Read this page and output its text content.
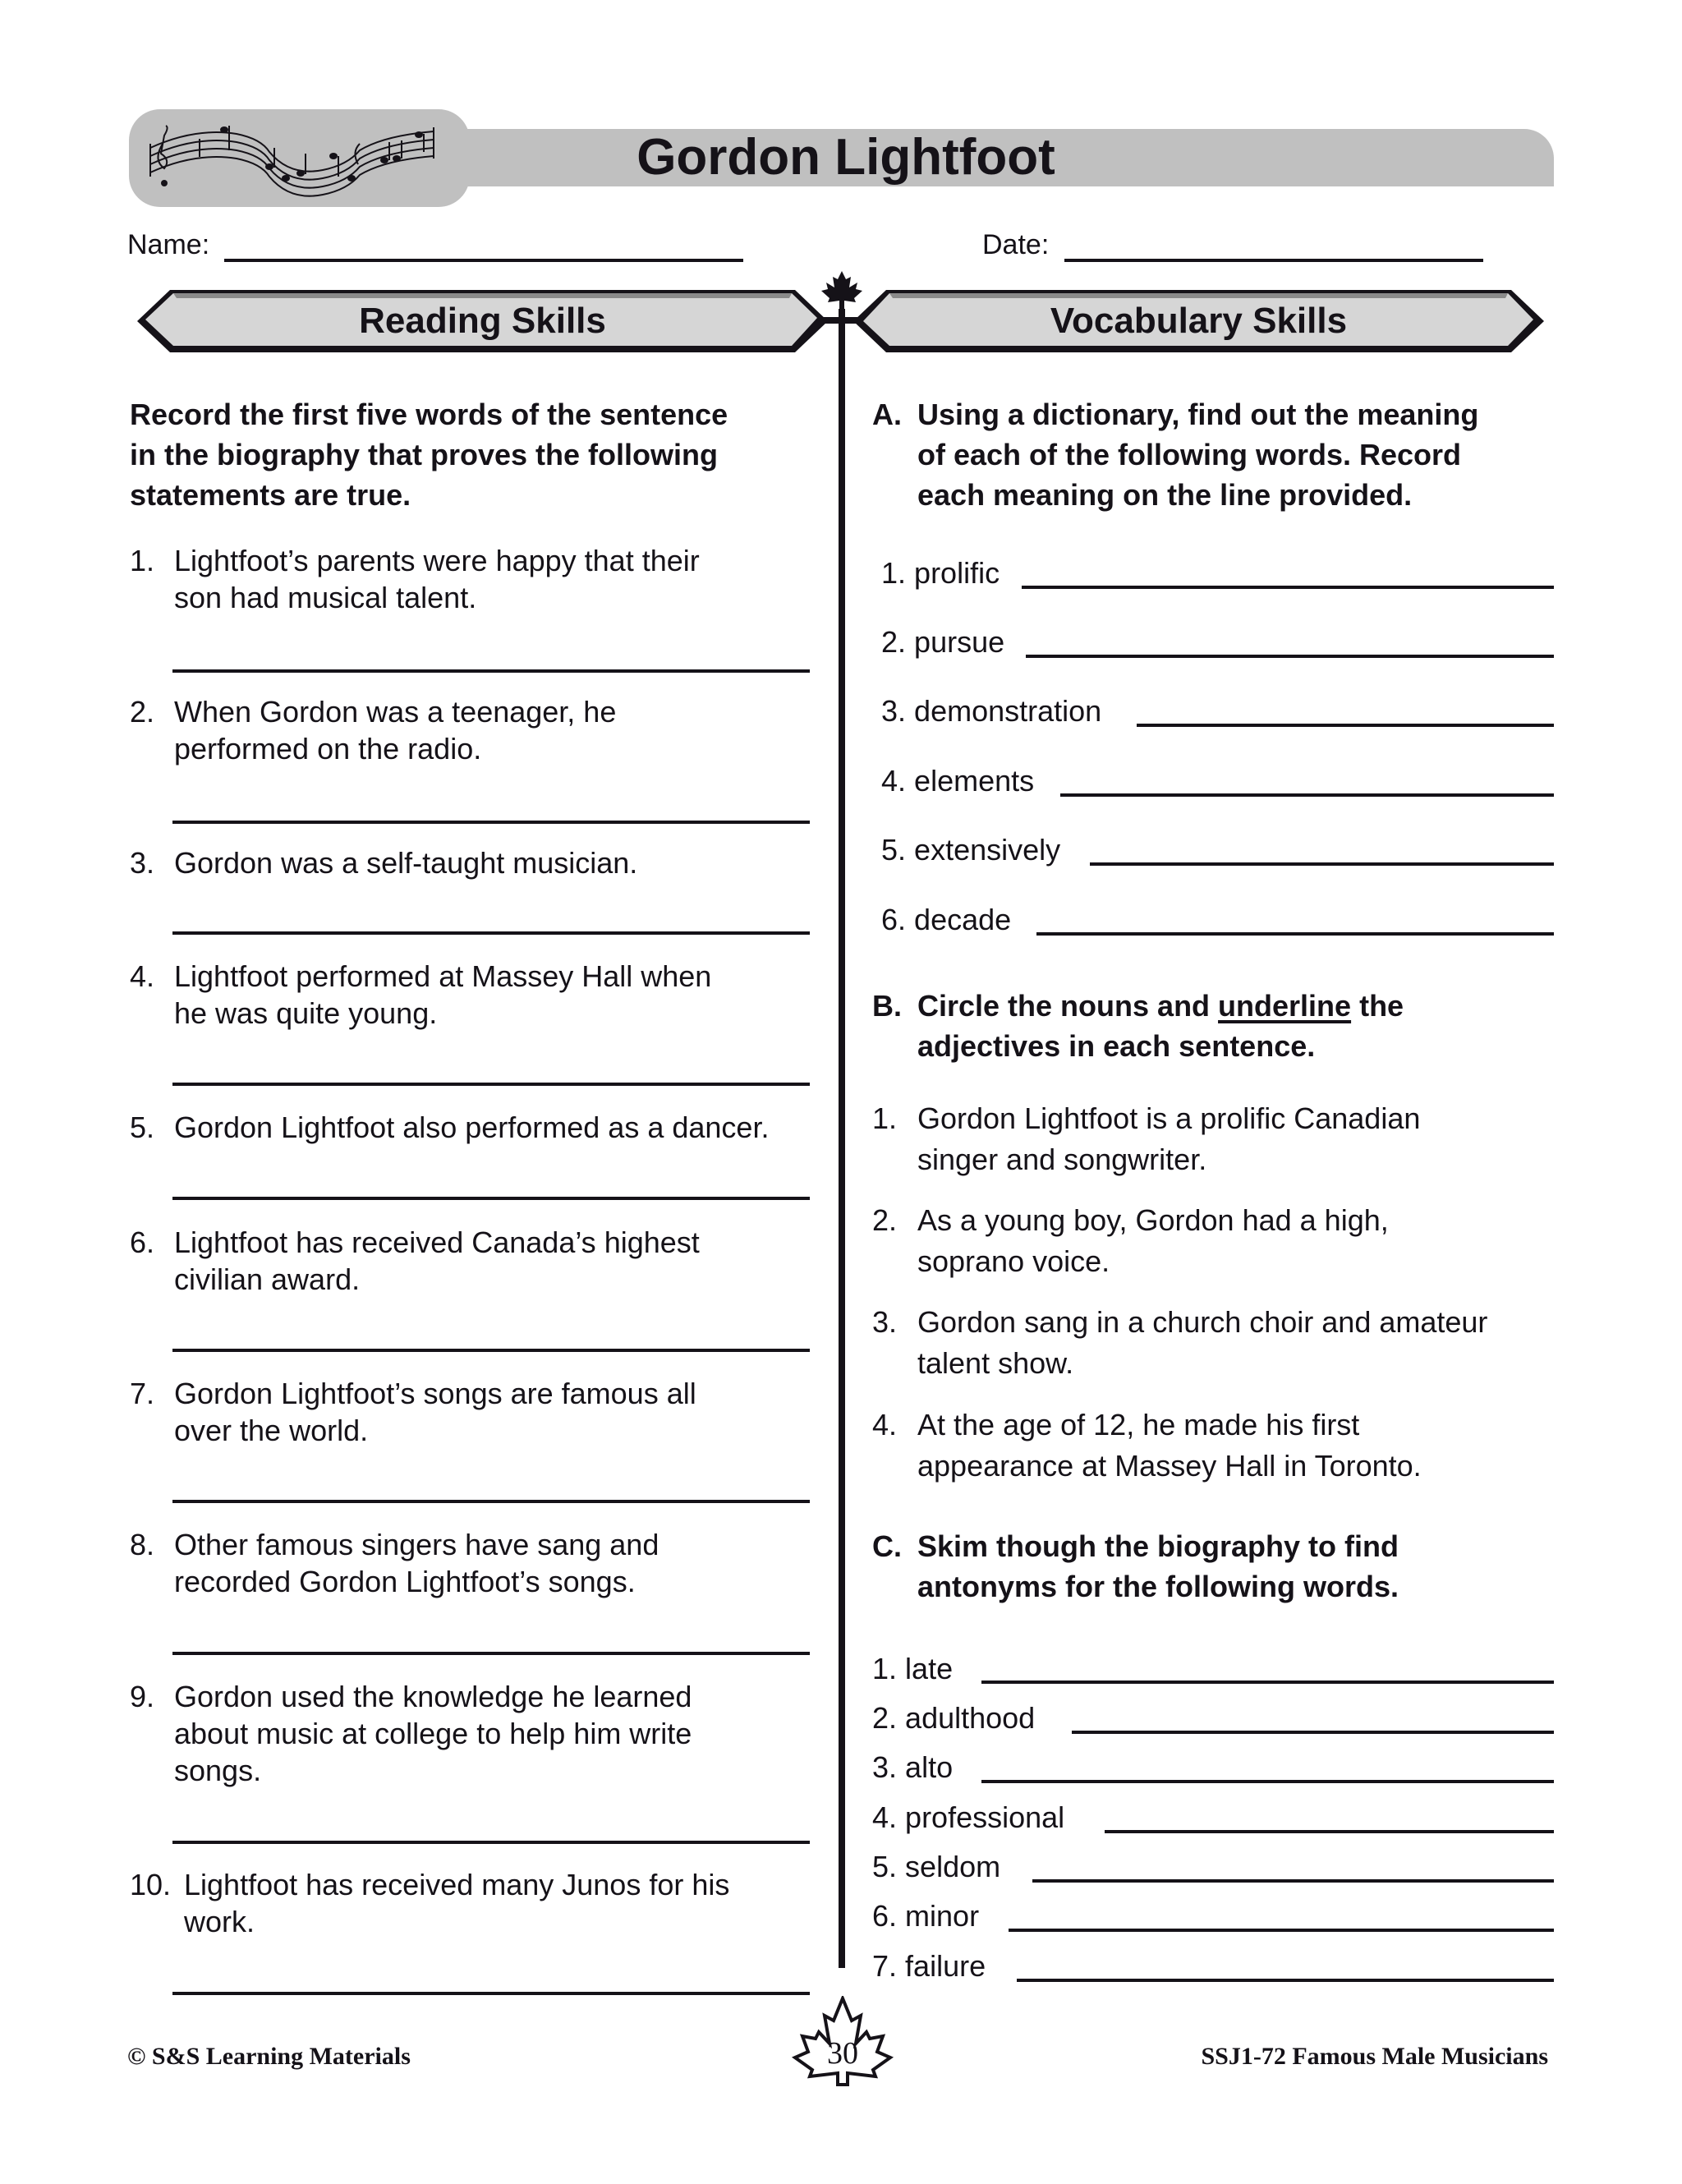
Gordon Lightfoot
Name:	Date:
Reading Skills	Vocabulary Skills
Record the first five words of the sentence
in the biography that proves the following
statements are true.
1. Lightfoot’s parents were happy that their
son had musical talent.
2. When Gordon was a teenager, he
performed on the radio.
3. Gordon was a self-taught musician.
4. Lightfoot performed at Massey Hall when
he was quite young.
5. Gordon Lightfoot also performed as a dancer.
6. Lightfoot has received Canada’s highest
civilian award.
7. Gordon Lightfoot’s songs are famous all
over the world.
8. Other famous singers have sang and
recorded Gordon Lightfoot’s songs.
9. Gordon used the knowledge he learned
about music at college to help him write
songs.
10. Lightfoot has received many Junos for his
work.
A. Using a dictionary, find out the meaning
of each of the following words. Record
each meaning on the line provided.
1. prolific
2. pursue
3. demonstration
4. elements
5. extensively
6. decade
B. Circle the nouns and underline the
adjectives in each sentence.
1. Gordon Lightfoot is a prolific Canadian
singer and songwriter.
2. As a young boy, Gordon had a high,
soprano voice.
3. Gordon sang in a church choir and amateur
talent show.
4. At the age of 12, he made his first
appearance at Massey Hall in Toronto.
C. Skim though the biography to find
antonyms for the following words.
1. late
2. adulthood
3. alto
4. professional
5. seldom
6. minor
7. failure
© S&S Learning Materials	30	SSJ1-72 Famous Male Musicians
